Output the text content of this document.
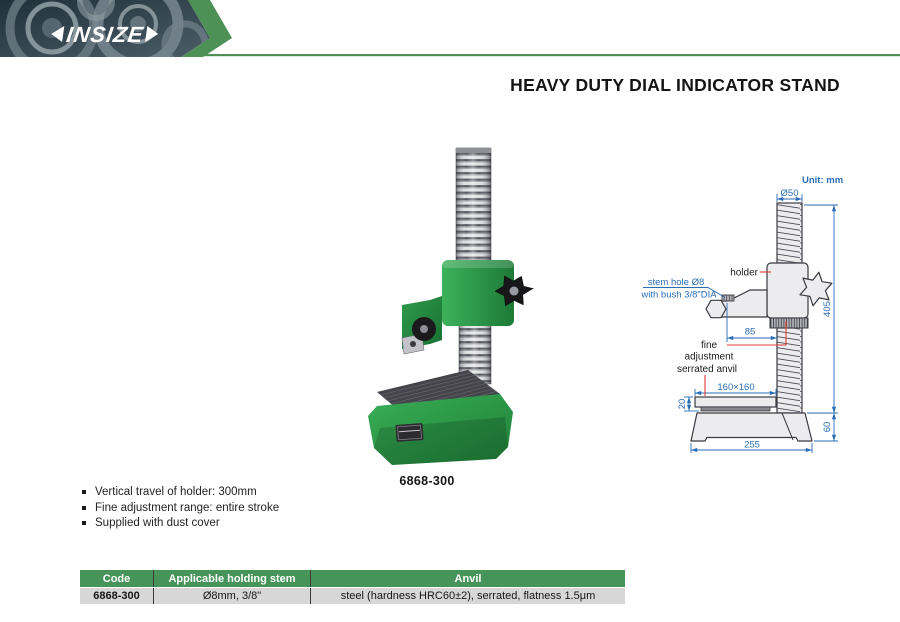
INSIZE
HEAVY DUTY DIAL INDICATOR STAND
6868-300
Ø50
405
60
85
160×160
20
255
Unit: mm
holder
stem hole Ø8
with bush 3/8"DIA
fine
adjustment
serrated anvil
Vertical travel of holder: 300mm
Fine adjustment range: entire stroke
Supplied with dust cover
Code	Applicable holding stem	Anvil
6868-300	Ø8mm, 3/8"	steel (hardness HRC60±2), serrated, flatness 1.5μm
